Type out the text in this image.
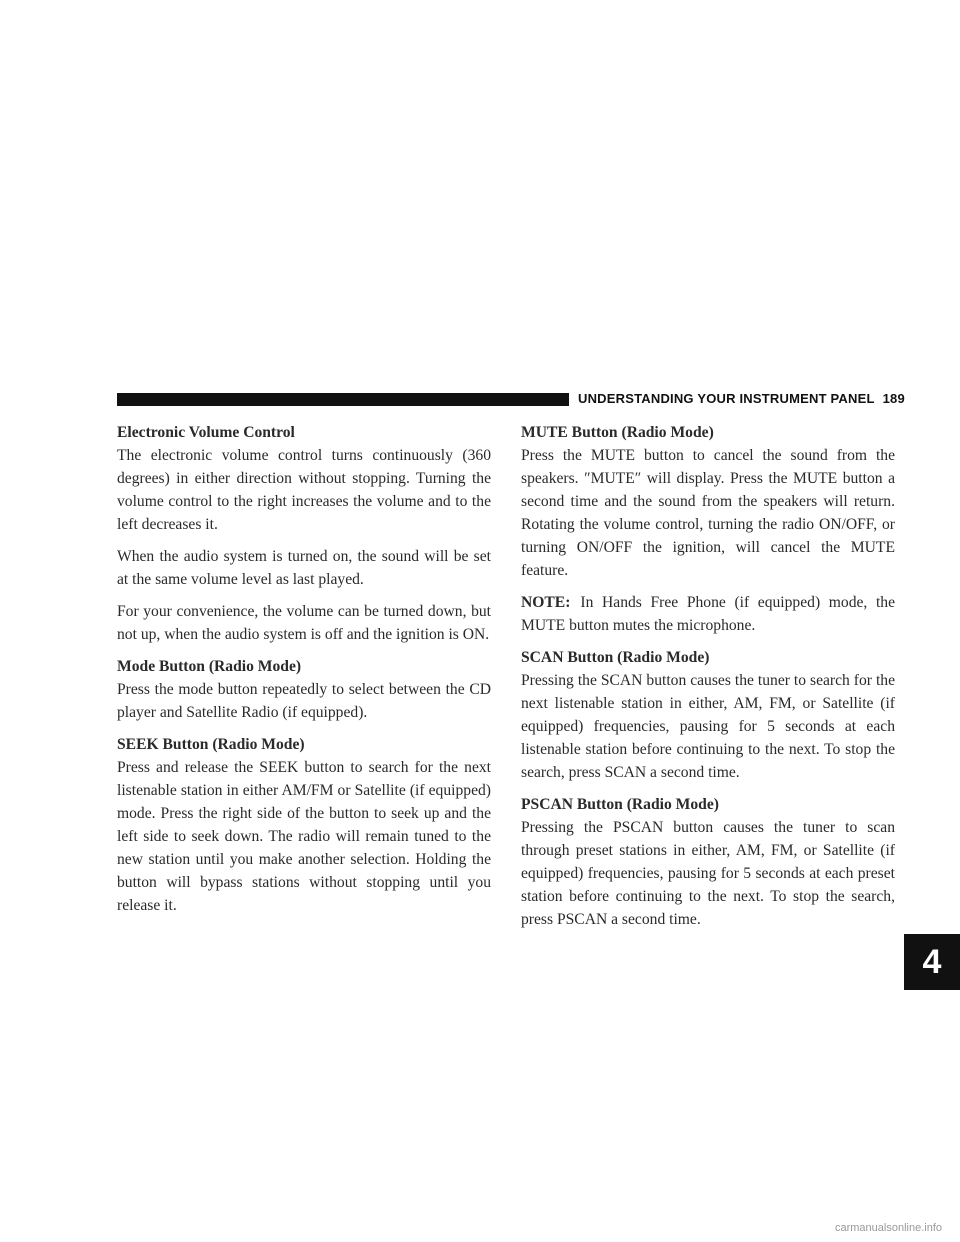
UNDERSTANDING YOUR INSTRUMENT PANEL 189
4

Electronic Volume Control

The electronic volume control turns continuously (360 degrees) in either direction without stopping. Turning the volume control to the right increases the volume and to the left decreases it.

When the audio system is turned on, the sound will be set at the same volume level as last played.

For your convenience, the volume can be turned down, but not up, when the audio system is off and the ignition is ON.

Mode Button (Radio Mode)

Press the mode button repeatedly to select between the CD player and Satellite Radio (if equipped).

SEEK Button (Radio Mode)

Press and release the SEEK button to search for the next listenable station in either AM/FM or Satellite (if equipped) mode. Press the right side of the button to seek up and the left side to seek down. The radio will remain tuned to the new station until you make another selection. Holding the button will bypass stations without stopping until you release it.

MUTE Button (Radio Mode)

Press the MUTE button to cancel the sound from the speakers. ″MUTE″ will display. Press the MUTE button a second time and the sound from the speakers will return. Rotating the volume control, turning the radio ON/OFF, or turning ON/OFF the ignition, will cancel the MUTE feature.

NOTE: In Hands Free Phone (if equipped) mode, the MUTE button mutes the microphone.

SCAN Button (Radio Mode)

Pressing the SCAN button causes the tuner to search for the next listenable station in either, AM, FM, or Satellite (if equipped) frequencies, pausing for 5 seconds at each listenable station before continuing to the next. To stop the search, press SCAN a second time.

PSCAN Button (Radio Mode)

Pressing the PSCAN button causes the tuner to scan through preset stations in either, AM, FM, or Satellite (if equipped) frequencies, pausing for 5 seconds at each preset station before continuing to the next. To stop the search, press PSCAN a second time.

carmanualsonline.info
